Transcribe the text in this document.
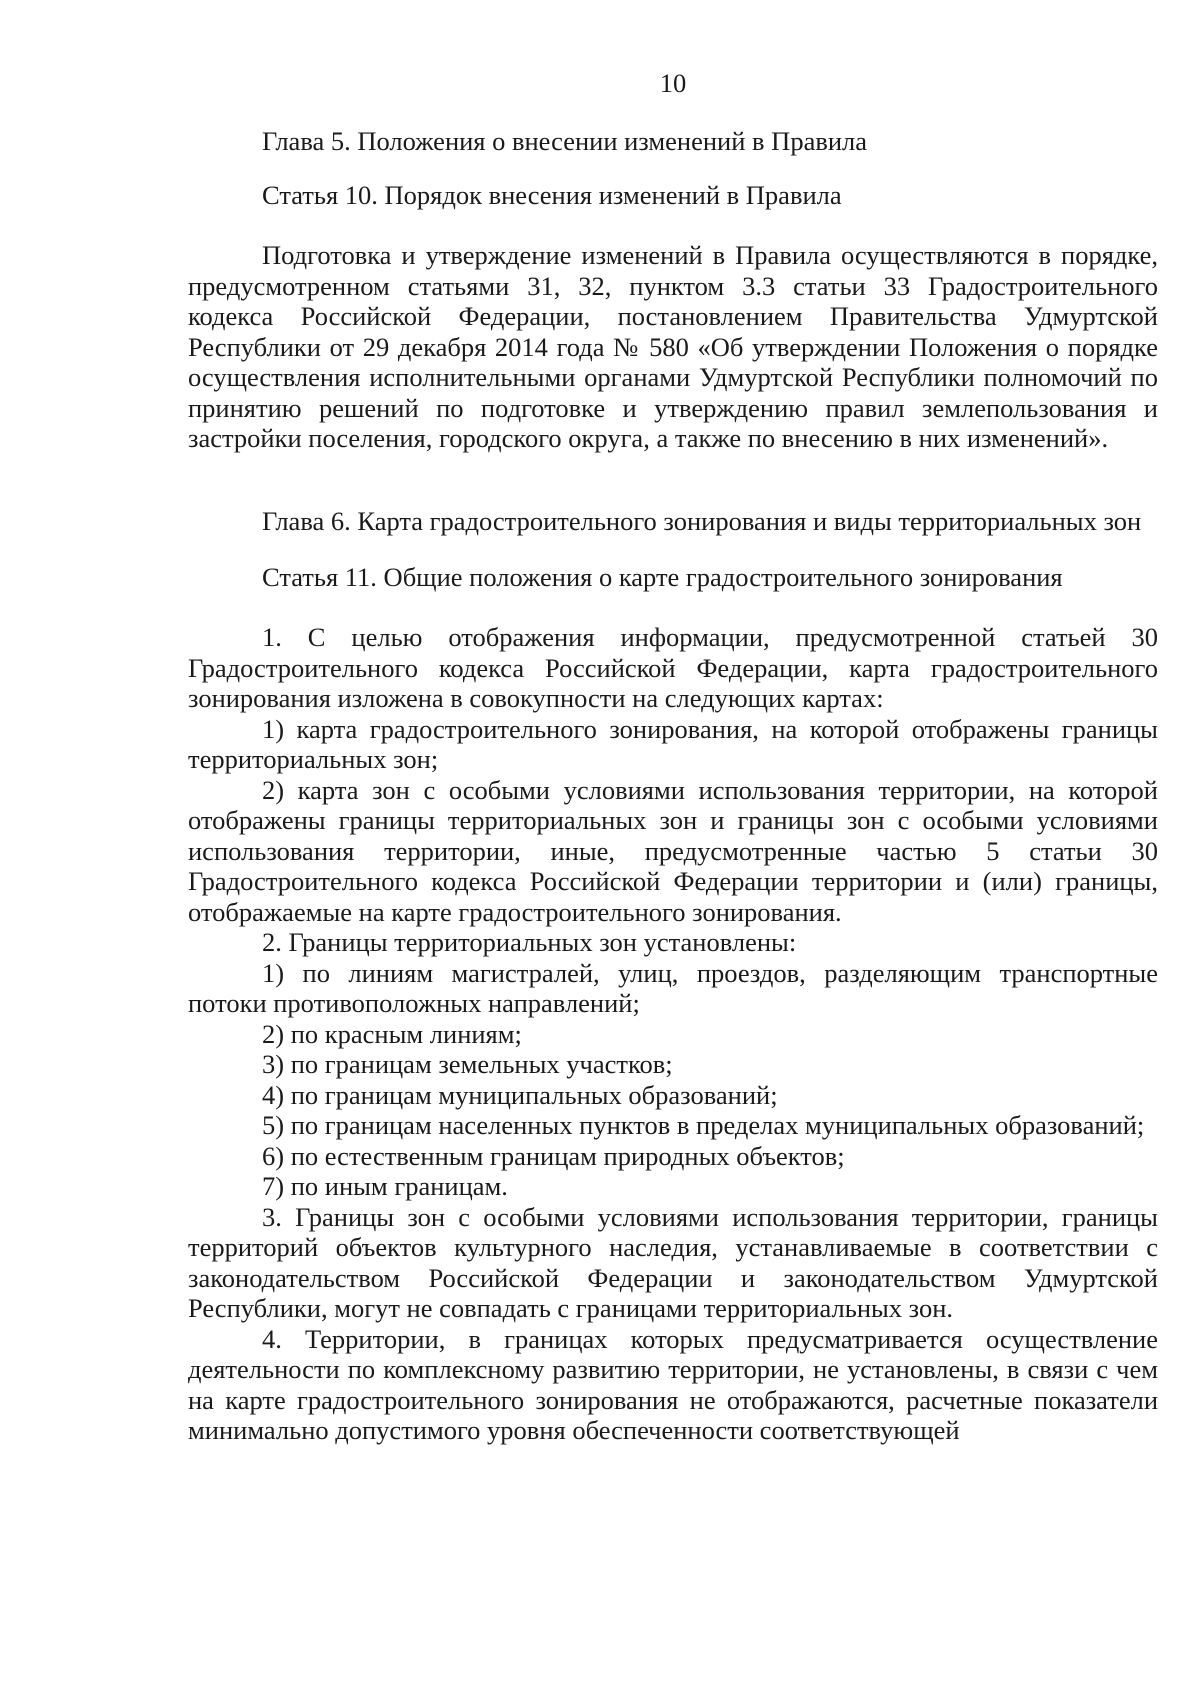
10
Глава 5. Положения о внесении изменений в Правила
Статья 10. Порядок внесения изменений в Правила
Подготовка и утверждение изменений в Правила осуществляются в порядке, предусмотренном статьями 31, 32, пунктом 3.3 статьи 33 Градостроительного кодекса Российской Федерации, постановлением Правительства Удмуртской Республики от 29 декабря 2014 года № 580 «Об утверждении Положения о порядке осуществления исполнительными органами Удмуртской Республики полномочий по принятию решений по подготовке и утверждению правил землепользования и застройки поселения, городского округа, а также по внесению в них изменений».
Глава 6. Карта градостроительного зонирования и виды территориальных зон
Статья 11. Общие положения о карте градостроительного зонирования
1. С целью отображения информации, предусмотренной статьей 30 Градостроительного кодекса Российской Федерации, карта градостроительного зонирования изложена в совокупности на следующих картах:
1) карта градостроительного зонирования, на которой отображены границы территориальных зон;
2) карта зон с особыми условиями использования территории, на которой отображены границы территориальных зон и границы зон с особыми условиями использования территории, иные, предусмотренные частью 5 статьи 30 Градостроительного кодекса Российской Федерации территории и (или) границы, отображаемые на карте градостроительного зонирования.
2. Границы территориальных зон установлены:
1) по линиям магистралей, улиц, проездов, разделяющим транспортные потоки противоположных направлений;
2) по красным линиям;
3) по границам земельных участков;
4) по границам муниципальных образований;
5) по границам населенных пунктов в пределах муниципальных образований;
6) по естественным границам природных объектов;
7) по иным границам.
3. Границы зон с особыми условиями использования территории, границы территорий объектов культурного наследия, устанавливаемые в соответствии с законодательством Российской Федерации и законодательством Удмуртской Республики, могут не совпадать с границами территориальных зон.
4. Территории, в границах которых предусматривается осуществление деятельности по комплексному развитию территории, не установлены, в связи с чем на карте градостроительного зонирования не отображаются, расчетные показатели минимально допустимого уровня обеспеченности соответствующей
